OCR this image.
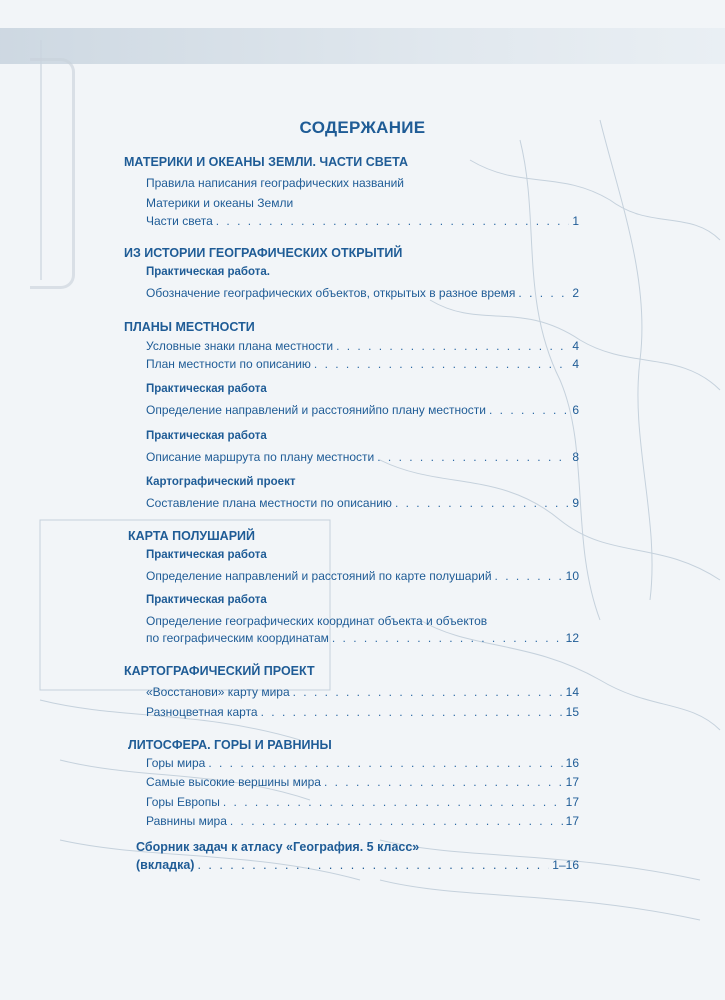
СОДЕРЖАНИЕ
МАТЕРИКИ И ОКЕАНЫ ЗЕМЛИ. ЧАСТИ СВЕТА
Правила написания географических названий
Материки и океаны Земли
Части света . . .	1
ИЗ ИСТОРИИ ГЕОГРАФИЧЕСКИХ ОТКРЫТИЙ
Практическая работа.
Обозначение географических объектов, открытых в разное время . . .	2
ПЛАНЫ МЕСТНОСТИ
Условные знаки плана местности . . .	4
План местности по описанию . . .	4
Практическая работа
Определение направлений и расстоянийпо плану местности . . .	6
Практическая работа
Описание маршрута по плану местности . . .	8
Картографический проект
Составление плана местности по описанию . . .	9
КАРТА ПОЛУШАРИЙ
Практическая работа
Определение направлений и расстояний по карте полушарий . . .	10
Практическая работа
Определение географических координат объекта и объектов
по географическим координатам . . .	12
КАРТОГРАФИЧЕСКИЙ ПРОЕКТ
«Восстанови» карту мира . . .	14
Разноцветная карта . . .	15
ЛИТОСФЕРА. ГОРЫ И РАВНИНЫ
Горы мира . . .	16
Самые высокие вершины мира . . .	17
Горы Европы . . .	17
Равнины мира . . .	17
Сборник задач к атласу «География. 5 класс»
(вкладка) . . .	1–16
